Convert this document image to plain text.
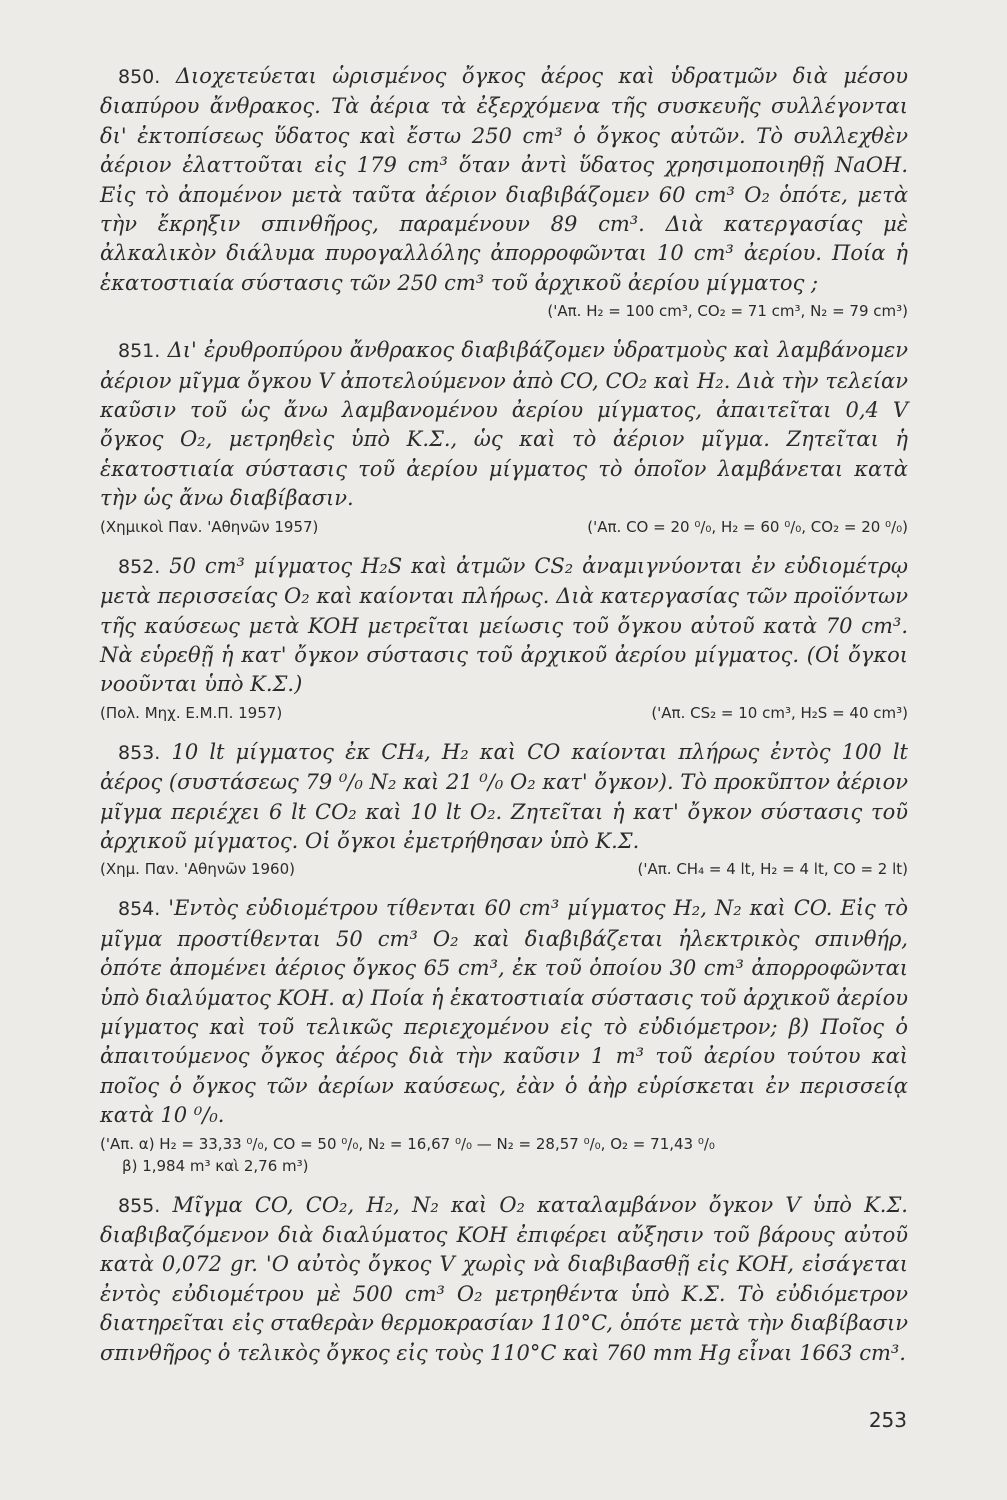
850. Διοχετεύεται ὡρισμένος ὄγκος ἀέρος καὶ ὑδρατμῶν διὰ μέσου διαπύρου ἄνθρακος. Τὰ ἀέρια τὰ ἐξερχόμενα τῆς συσκευῆς συλλέγονται δι' ἐκτοπίσεως ὕδατος καὶ ἔστω 250 cm³ ὁ ὄγκος αὐτῶν. Τὸ συλλεχθὲν ἀέριον ἐλαττοῦται εἰς 179 cm³ ὅταν ἀντὶ ὕδατος χρησιμοποιηθῇ NaOH. Εἰς τὸ ἀπομένον μετὰ ταῦτα ἀέριον διαβιβάζομεν 60 cm³ O₂ ὁπότε, μετὰ τὴν ἔκρηξιν σπινθῆρος, παραμένουν 89 cm³. Διὰ κατεργασίας μὲ ἀλκαλικὸν διάλυμα πυρογαλλόλης ἀπορροφῶνται 10 cm³ ἀερίου. Ποία ἡ ἑκατοστιαία σύστασις τῶν 250 cm³ τοῦ ἀρχικοῦ ἀερίου μίγματος ;

('Απ. H₂ = 100 cm³, CO₂ = 71 cm³, N₂ = 79 cm³)

851. Δι' ἐρυθροπύρου ἄνθρακος διαβιβάζομεν ὑδρατμοὺς καὶ λαμβάνομεν ἀέριον μῖγμα ὄγκου V ἀποτελούμενον ἀπὸ CO, CO₂ καὶ H₂. Διὰ τὴν τελείαν καῦσιν τοῦ ὡς ἄνω λαμβανομένου ἀερίου μίγματος, ἀπαιτεῖται 0,4 V ὄγκος O₂, μετρηθεὶς ὑπὸ Κ.Σ., ὡς καὶ τὸ ἀέριον μῖγμα. Ζητεῖται ἡ ἑκατοστιαία σύστασις τοῦ ἀερίου μίγματος τὸ ὁποῖον λαμβάνεται κατὰ τὴν ὡς ἄνω διαβίβασιν.

(Χημικοὶ Παν. 'Αθηνῶν 1957)	('Απ. CO = 20 ⁰/₀, H₂ = 60 ⁰/₀, CO₂ = 20 ⁰/₀)

852. 50 cm³ μίγματος H₂S καὶ ἀτμῶν CS₂ ἀναμιγνύονται ἐν εὐδιομέτρῳ μετὰ περισσείας O₂ καὶ καίονται πλήρως. Διὰ κατεργασίας τῶν προϊόντων τῆς καύσεως μετὰ KOH μετρεῖται μείωσις τοῦ ὄγκου αὐτοῦ κατὰ 70 cm³. Νὰ εὑρεθῇ ἡ κατ' ὄγκον σύστασις τοῦ ἀρχικοῦ ἀερίου μίγματος. (Οἱ ὄγκοι νοοῦνται ὑπὸ Κ.Σ.)

(Πολ. Μηχ. Ε.Μ.Π. 1957)	('Απ. CS₂ = 10 cm³, H₂S = 40 cm³)

853. 10 lt μίγματος ἐκ CH₄, H₂ καὶ CO καίονται πλήρως ἐντὸς 100 lt ἀέρος (συστάσεως 79 ⁰/₀ N₂ καὶ 21 ⁰/₀ O₂ κατ' ὄγκον). Τὸ προκῦπτον ἀέριον μῖγμα περιέχει 6 lt CO₂ καὶ 10 lt O₂. Ζητεῖται ἡ κατ' ὄγκον σύστασις τοῦ ἀρχικοῦ μίγματος. Οἱ ὄγκοι ἐμετρήθησαν ὑπὸ Κ.Σ.

(Χημ. Παν. 'Αθηνῶν 1960)	('Απ. CH₄ = 4 lt, H₂ = 4 lt, CO = 2 lt)

854. 'Εντὸς εὐδιομέτρου τίθενται 60 cm³ μίγματος H₂, N₂ καὶ CO. Εἰς τὸ μῖγμα προστίθενται 50 cm³ O₂ καὶ διαβιβάζεται ἠλεκτρικὸς σπινθήρ, ὁπότε ἀπομένει ἀέριος ὄγκος 65 cm³, ἐκ τοῦ ὁποίου 30 cm³ ἀπορροφῶνται ὑπὸ διαλύματος KOH. α) Ποία ἡ ἑκατοστιαία σύστασις τοῦ ἀρχικοῦ ἀερίου μίγματος καὶ τοῦ τελικῶς περιεχομένου εἰς τὸ εὐδιόμετρον; β) Ποῖος ὁ ἀπαιτούμενος ὄγκος ἀέρος διὰ τὴν καῦσιν 1 m³ τοῦ ἀερίου τούτου καὶ ποῖος ὁ ὄγκος τῶν ἀερίων καύσεως, ἐὰν ὁ ἀὴρ εὑρίσκεται ἐν περισσείᾳ κατὰ 10 ⁰/₀.

('Απ. α) H₂ = 33,33 ⁰/₀, CO = 50 ⁰/₀, N₂ = 16,67 ⁰/₀ — N₂ = 28,57 ⁰/₀, O₂ = 71,43 ⁰/₀
β) 1,984 m³ καὶ 2,76 m³)

855. Μῖγμα CO, CO₂, H₂, N₂ καὶ O₂ καταλαμβάνον ὄγκον V ὑπὸ Κ.Σ. διαβιβαζόμενον διὰ διαλύματος KOH ἐπιφέρει αὔξησιν τοῦ βάρους αὐτοῦ κατὰ 0,072 gr. 'Ο αὐτὸς ὄγκος V χωρὶς νὰ διαβιβασθῇ εἰς KOH, εἰσάγεται ἐντὸς εὐδιομέτρου μὲ 500 cm³ O₂ μετρηθέντα ὑπὸ Κ.Σ. Τὸ εὐδιόμετρον διατηρεῖται εἰς σταθερὰν θερμοκρασίαν 110°C, ὁπότε μετὰ τὴν διαβίβασιν σπινθῆρος ὁ τελικὸς ὄγκος εἰς τοὺς 110°C καὶ 760 mm Hg εἶναι 1663 cm³.

253
